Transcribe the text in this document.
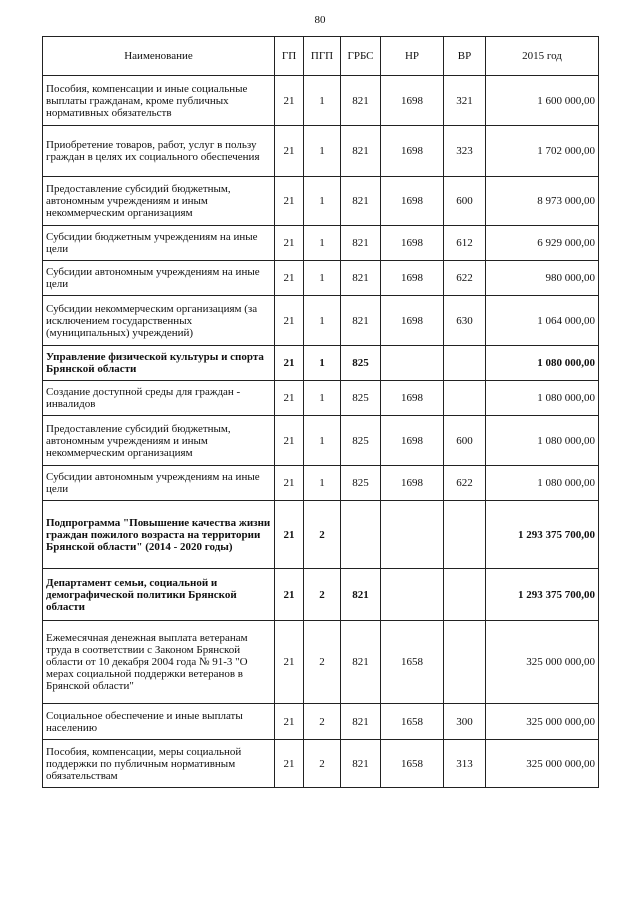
80
Наименование	ГП	ПГП	ГРБС	НР	ВР	2015 год
Пособия, компенсации и иные социальные выплаты гражданам, кроме публичных нормативных обязательств	21	1	821	1698	321	1 600 000,00
Приобретение товаров, работ, услуг в пользу граждан в целях их социального обеспечения	21	1	821	1698	323	1 702 000,00
Предоставление субсидий бюджетным, автономным учреждениям и иным некоммерческим организациям	21	1	821	1698	600	8 973 000,00
Субсидии бюджетным учреждениям на иные цели	21	1	821	1698	612	6 929 000,00
Субсидии автономным учреждениям на иные цели	21	1	821	1698	622	980 000,00
Субсидии некоммерческим организациям (за исключением государственных (муниципальных) учреждений)	21	1	821	1698	630	1 064 000,00
Управление физической культуры и спорта Брянской области	21	1	825			1 080 000,00
Создание доступной среды для граждан - инвалидов	21	1	825	1698		1 080 000,00
Предоставление субсидий бюджетным, автономным учреждениям и иным некоммерческим организациям	21	1	825	1698	600	1 080 000,00
Субсидии автономным учреждениям на иные цели	21	1	825	1698	622	1 080 000,00
Подпрограмма "Повышение качества жизни граждан пожилого возраста на территории Брянской области" (2014 - 2020 годы)	21	2				1 293 375 700,00
Департамент семьи, социальной и демографической политики Брянской области	21	2	821			1 293 375 700,00
Ежемесячная денежная выплата ветеранам труда в соответствии с Законом Брянской области от 10 декабря 2004 года № 91-3 "О мерах социальной поддержки ветеранов в Брянской области"	21	2	821	1658		325 000 000,00
Социальное обеспечение и иные выплаты населению	21	2	821	1658	300	325 000 000,00
Пособия, компенсации, меры социальной поддержки по публичным нормативным обязательствам	21	2	821	1658	313	325 000 000,00
